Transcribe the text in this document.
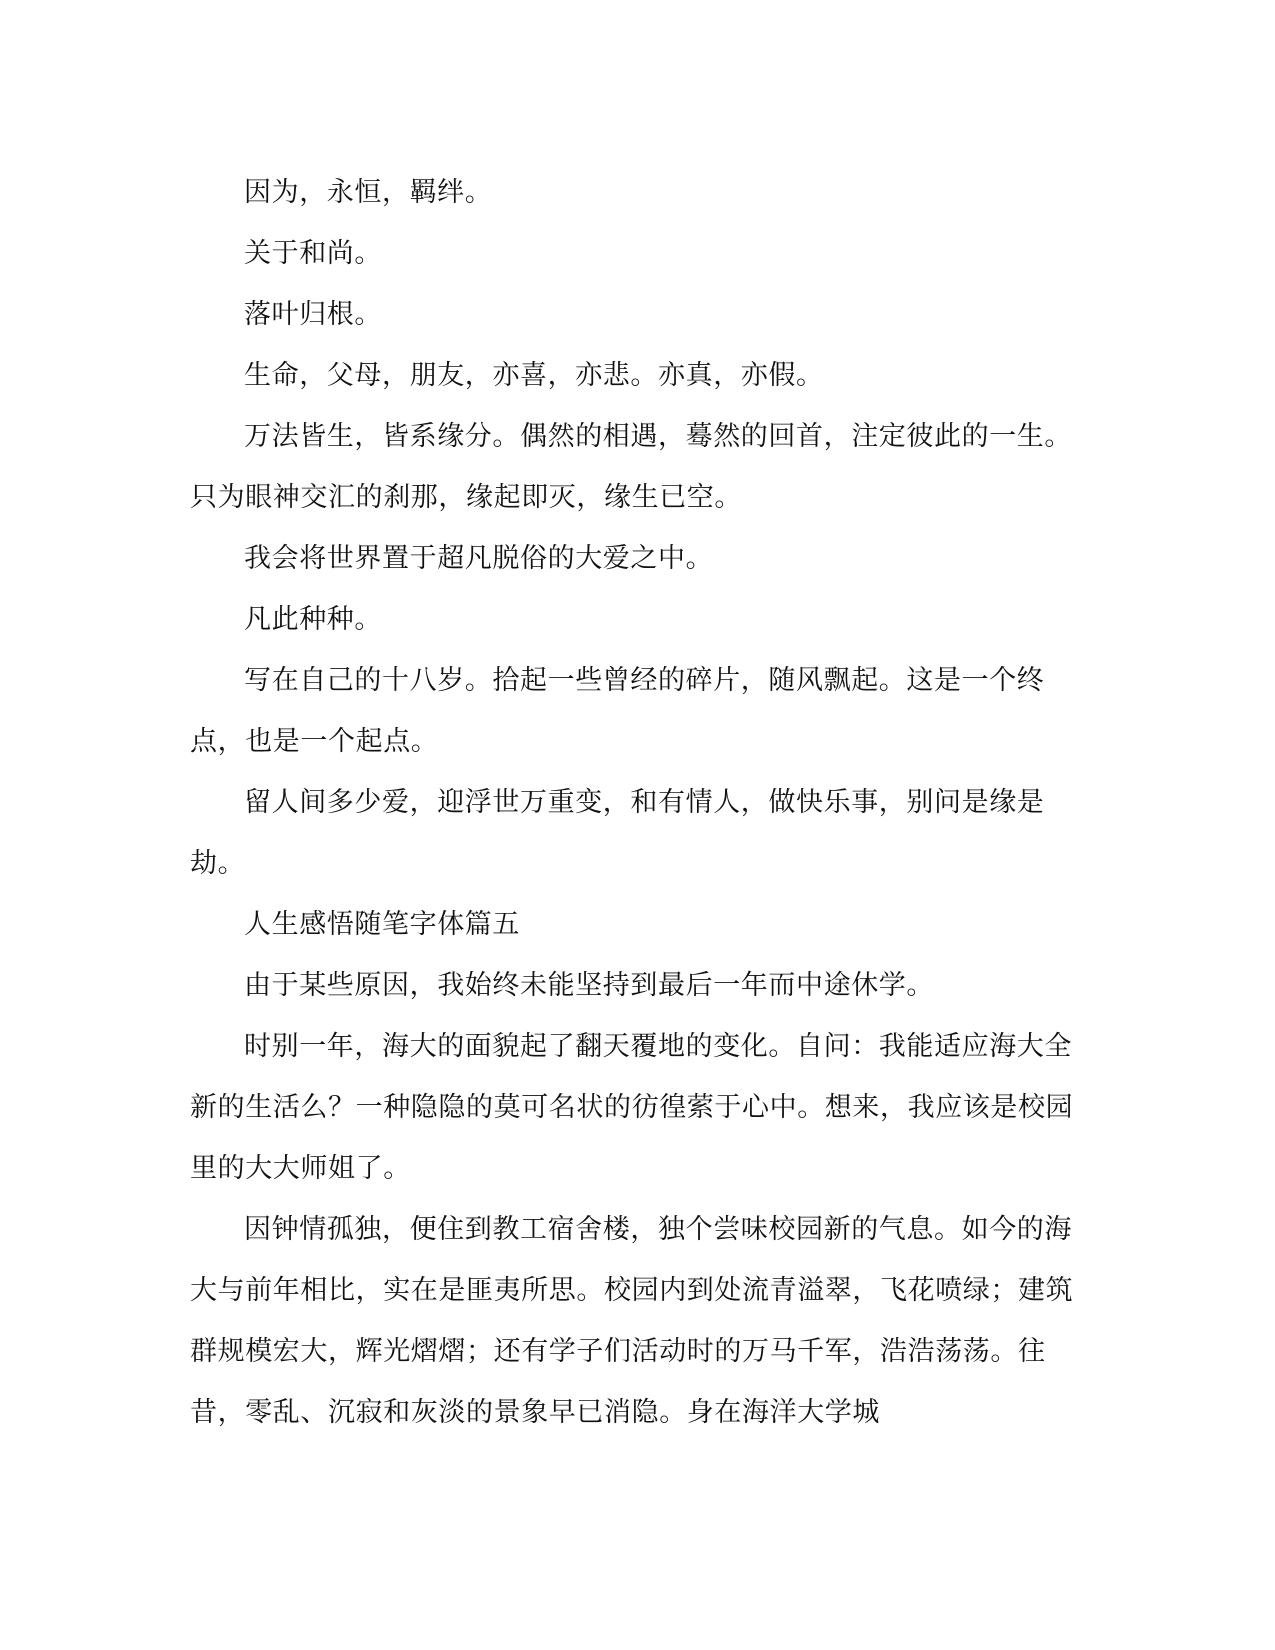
因为，永恒，羁绊。

关于和尚。

落叶归根。

生命，父母，朋友，亦喜，亦悲。亦真，亦假。

万法皆生，皆系缘分。偶然的相遇，蓦然的回首，注定彼此的一生。只为眼神交汇的刹那，缘起即灭，缘生已空。

我会将世界置于超凡脱俗的大爱之中。

凡此种种。

写在自己的十八岁。拾起一些曾经的碎片，随风飘起。这是一个终点，也是一个起点。

留人间多少爱，迎浮世万重变，和有情人，做快乐事，别问是缘是劫。

人生感悟随笔字体篇五

由于某些原因，我始终未能坚持到最后一年而中途休学。

时别一年，海大的面貌起了翻天覆地的变化。自问：我能适应海大全新的生活么？一种隐隐的莫可名状的彷徨萦于心中。想来，我应该是校园里的大大师姐了。

因钟情孤独，便住到教工宿舍楼，独个尝味校园新的气息。如今的海大与前年相比，实在是匪夷所思。校园内到处流青溢翠，飞花喷绿；建筑群规模宏大，辉光熠熠；还有学子们活动时的万马千军，浩浩荡荡。往昔，零乱、沉寂和灰淡的景象早已消隐。身在海洋大学城
